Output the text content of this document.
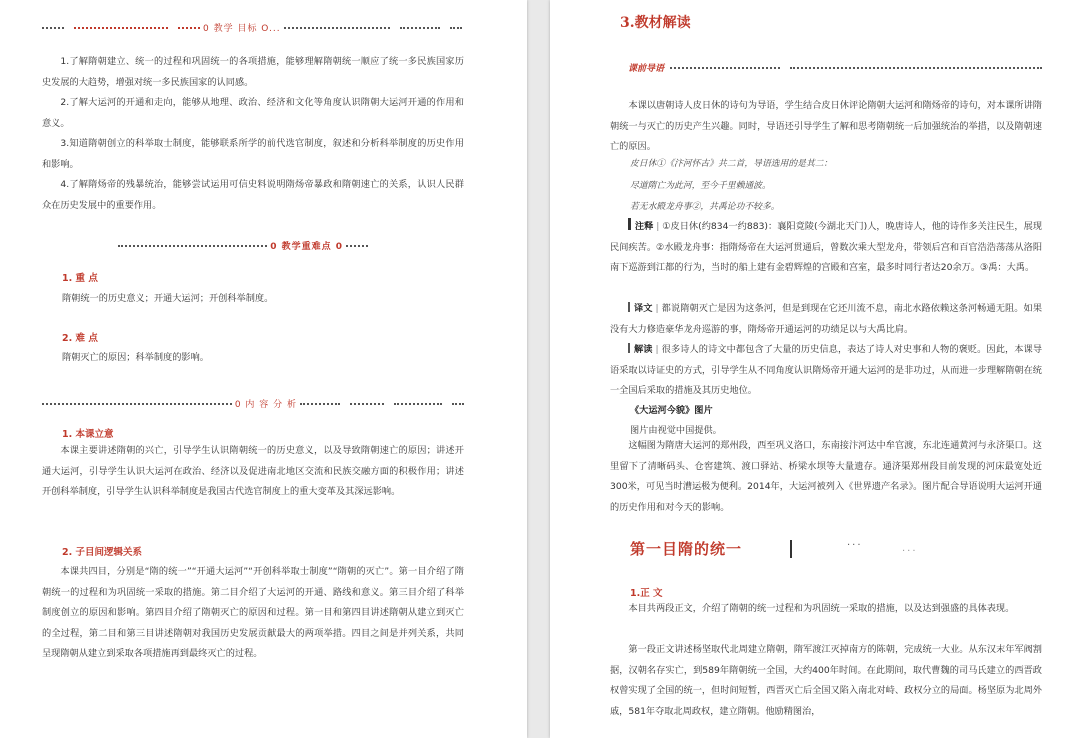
0 教学 目标 O...

1.了解隋朝建立、统一的过程和巩固统一的各项措施，能够理解隋朝统一顺应了统一多民族国家历史发展的大趋势，增强对统一多民族国家的认同感。

2.了解大运河的开通和走向，能够从地理、政治、经济和文化等角度认识隋朝大运河开通的作用和意义。

3.知道隋朝创立的科举取士制度，能够联系所学的前代选官制度，叙述和分析科举制度的历史作用和影响。

4.了解隋炀帝的残暴统治，能够尝试运用可信史料说明隋炀帝暴政和隋朝速亡的关系，认识人民群众在历史发展中的重要作用。

0 教学重难点 0
1. 重 点
隋朝统一的历史意义；开通大运河；开创科举制度。
2. 难 点
隋朝灭亡的原因；科举制度的影响。
0 内 容 分 析
1. 本课立意

本课主要讲述隋朝的兴亡，引导学生认识隋朝统一的历史意义，以及导致隋朝速亡的原因；讲述开通大运河，引导学生认识大运河在政治、经济以及促进南北地区交流和民族交融方面的积极作用；讲述开创科举制度，引导学生认识科举制度是我国古代选官制度上的重大变革及其深远影响。

2. 子目间逻辑关系

本课共四目，分别是“隋的统一”“开通大运河”“开创科举取士制度”“隋朝的灭亡”。第一目介绍了隋朝统一的过程和为巩固统一采取的措施。第二目介绍了大运河的开通、路线和意义。第三目介绍了科举制度创立的原因和影响。第四目介绍了隋朝灭亡的原因和过程。第一目和第四目讲述隋朝从建立到灭亡的全过程，第二目和第三目讲述隋朝对我国历史发展贡献最大的两项举措。四目之间是并列关系，共同呈现隋朝从建立到采取各项措施再到最终灭亡的过程。

3.教材解读
课前导语

本课以唐朝诗人皮日休的诗句为导语，学生结合皮日休评论隋朝大运河和隋炀帝的诗句，对本课所讲隋朝统一与灭亡的历史产生兴趣。同时，导语还引导学生了解和思考隋朝统一后加强统治的举措，以及隋朝速亡的原因。

皮日休①《汴河怀古》共二首，导语选用的是其二：
尽道隋亡为此河，至今千里赖通波。
若无水殿龙舟事②，共禹论功不较多。

注释 | ①皮日休(约834一约883)：襄阳竟陵(今湖北天门)人，晚唐诗人，他的诗作多关注民生，展现民间疾苦。②水殿龙舟事：指隋炀帝在大运河贯通后，曾数次乘大型龙舟，带领后宫和百官浩浩荡荡从洛阳南下巡游到江都的行为，当时的船上建有金碧辉煌的宫殿和宫室，最多时同行者达20余万。③禹：大禹。

译文 | 都说隋朝灭亡是因为这条河，但是到现在它还川流不息，南北水路依赖这条河畅通无阻。如果没有大力修造豪华龙舟巡游的事，隋炀帝开通运河的功绩足以与大禹比肩。

解读 | 很多诗人的诗文中都包含了大量的历史信息，表达了诗人对史事和人物的褒贬。因此，本课导语采取以诗证史的方式，引导学生从不同角度认识隋炀帝开通大运河的是非功过，从而进一步理解隋朝在统一全国后采取的措施及其历史地位。

《大运河今貌》图片
图片由视觉中国提供。

这幅图为隋唐大运河的郑州段，西至巩义洛口，东南接汴河达中牟官渡，东北连通黄河与永济渠口。这里留下了清晰码头、仓窖建筑、渡口驿站、桥梁水坝等大量遗存。通济渠郑州段目前发现的河床最宽处近300米，可见当时漕运极为便利。2014年，大运河被列入《世界遗产名录》。图片配合导语说明大运河开通的历史作用和对今天的影响。

第一目隋的统一	···	...
1.正 文

本目共两段正文，介绍了隋朝的统一过程和为巩固统一采取的措施，以及达到强盛的具体表现。

第一段正文讲述杨坚取代北周建立隋朝，隋军渡江灭掉南方的陈朝，完成统一大业。从东汉末年军阀割据，汉朝名存实亡，到589年隋朝统一全国，大约400年时间。在此期间，取代曹魏的司马氏建立的西晋政权曾实现了全国的统一，但时间短暂，西晋灭亡后全国又陷入南北对峙、政权分立的局面。杨坚原为北周外戚，581年夺取北周政权，建立隋朝。他励精图治，
